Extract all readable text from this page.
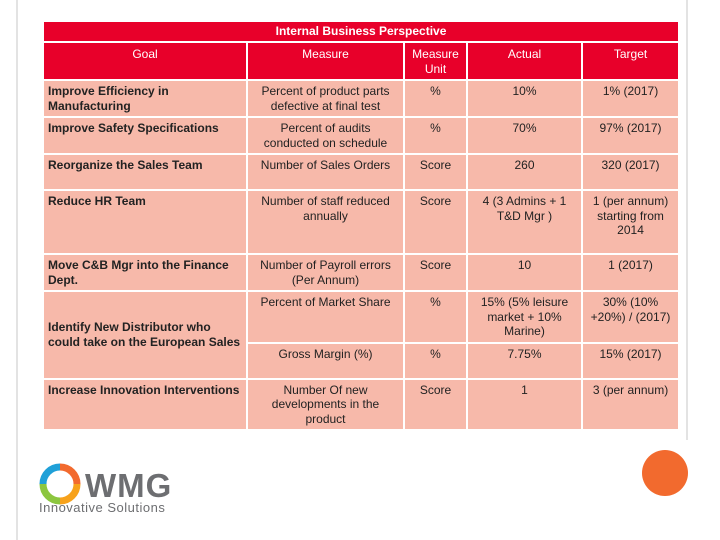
Internal Business Perspective				
Goal	Measure	Measure Unit	Actual	Target
Improve Efficiency in Manufacturing	Percent of product parts defective at final test	%	10%	1% (2017)
Improve Safety Specifications	Percent of audits conducted on schedule	%	70%	97% (2017)
Reorganize the Sales Team	Number of Sales Orders	Score	260	320 (2017)
Reduce HR Team	Number of staff reduced annually	Score	4 (3 Admins + 1 T&D Mgr )	1 (per annum) starting from 2014
Move C&B Mgr into the Finance Dept.	Number of Payroll errors (Per Annum)	Score	10	1 (2017)
Identify New Distributor who could take on the European Sales	Percent of Market Share	%	15% (5% leisure market + 10% Marine)	30% (10% +20%) / (2017)
	Gross Margin (%)	%	7.75%	15% (2017)
Increase Innovation Interventions	Number Of new developments in the product	Score	1	3 (per annum)
WMG
Innovative Solutions
